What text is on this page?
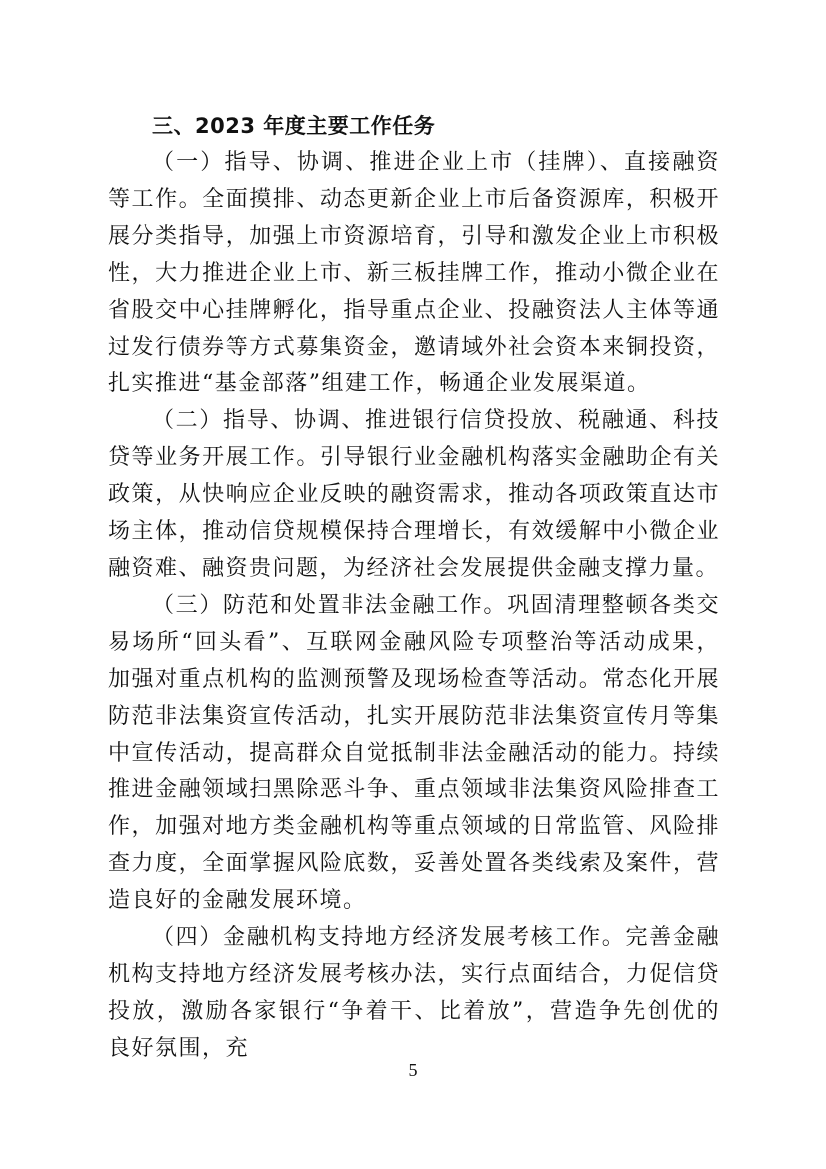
三、2023 年度主要工作任务

（一）指导、协调、推进企业上市（挂牌）、直接融资等工作。全面摸排、动态更新企业上市后备资源库，积极开展分类指导，加强上市资源培育，引导和激发企业上市积极性，大力推进企业上市、新三板挂牌工作，推动小微企业在省股交中心挂牌孵化，指导重点企业、投融资法人主体等通过发行债券等方式募集资金，邀请域外社会资本来铜投资，扎实推进“基金部落”组建工作，畅通企业发展渠道。

（二）指导、协调、推进银行信贷投放、税融通、科技贷等业务开展工作。引导银行业金融机构落实金融助企有关政策，从快响应企业反映的融资需求，推动各项政策直达市场主体，推动信贷规模保持合理增长，有效缓解中小微企业融资难、融资贵问题，为经济社会发展提供金融支撑力量。

（三）防范和处置非法金融工作。巩固清理整顿各类交易场所“回头看”、互联网金融风险专项整治等活动成果，加强对重点机构的监测预警及现场检查等活动。常态化开展防范非法集资宣传活动，扎实开展防范非法集资宣传月等集中宣传活动，提高群众自觉抵制非法金融活动的能力。持续推进金融领域扫黑除恶斗争、重点领域非法集资风险排查工作，加强对地方类金融机构等重点领域的日常监管、风险排查力度，全面掌握风险底数，妥善处置各类线索及案件，营造良好的金融发展环境。

（四）金融机构支持地方经济发展考核工作。完善金融机构支持地方经济发展考核办法，实行点面结合，力促信贷投放，激励各家银行“争着干、比着放”，营造争先创优的良好氛围，充

5
